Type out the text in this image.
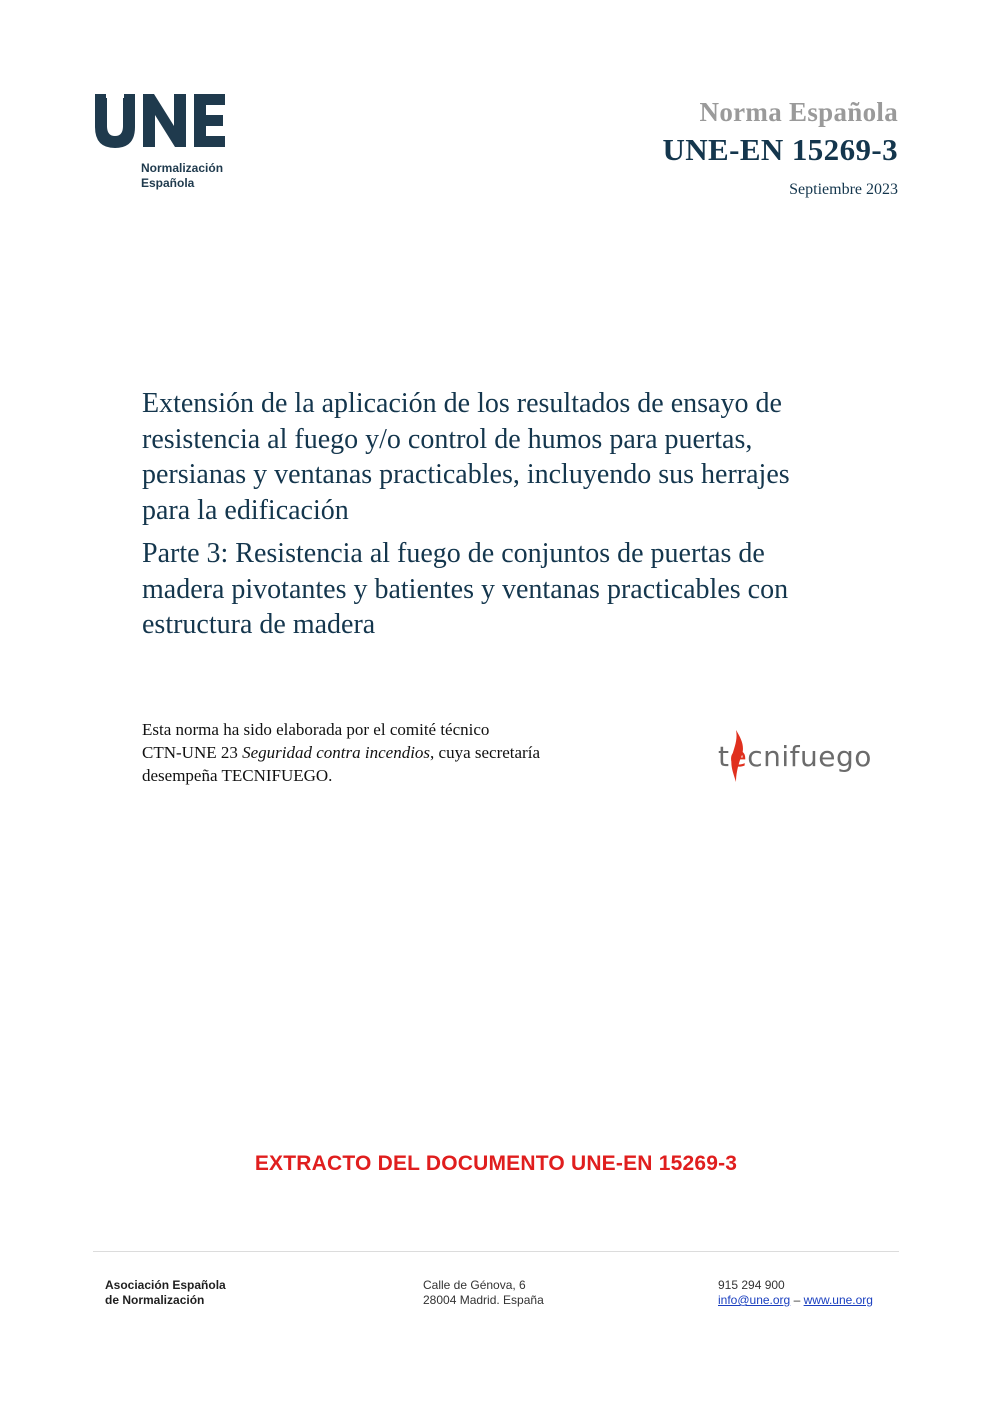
Normalización
Española
Norma Española
UNE-EN 15269-3
Septiembre 2023
Extensión de la aplicación de los resultados de ensayo de
resistencia al fuego y/o control de humos para puertas,
persianas y ventanas practicables, incluyendo sus herrajes
para la edificación
Parte 3: Resistencia al fuego de conjuntos de puertas de
madera pivotantes y batientes y ventanas practicables con
estructura de madera
Esta norma ha sido elaborada por el comité técnico
CTN-UNE 23 Seguridad contra incendios, cuya secretaría
desempeña TECNIFUEGO.
tecnifuego
EXTRACTO DEL DOCUMENTO UNE-EN 15269-3
Asociación Española
de Normalización
Calle de Génova, 6
28004 Madrid. España
915 294 900
info@une.org – www.une.org
